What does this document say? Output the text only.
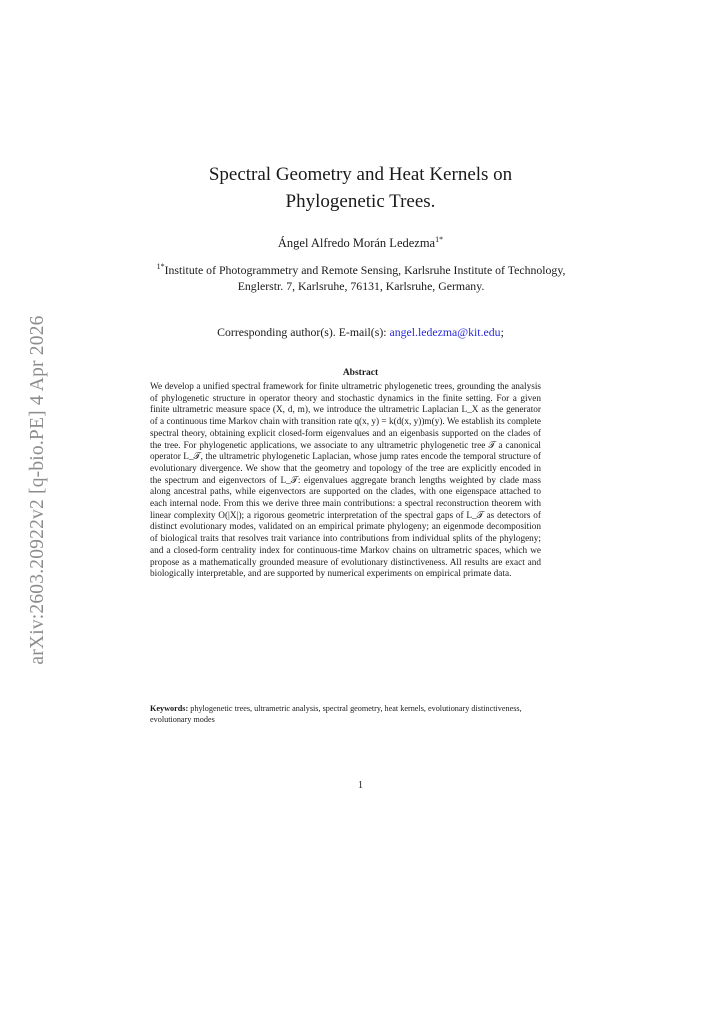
arXiv:2603.20922v2 [q-bio.PE] 4 Apr 2026
Spectral Geometry and Heat Kernels on
Phylogenetic Trees.
Ángel Alfredo Morán Ledezma$^{1*}$
$^{1*}$Institute of Photogrammetry and Remote Sensing, Karlsruhe Institute of Technology, Englerstr. 7, Karlsruhe, 76131, Karlsruhe, Germany.
Corresponding author(s). E-mail(s): angel.ledezma@kit.edu;
Abstract

We develop a unified spectral framework for finite ultrametric phylogenetic trees, grounding the analysis of phylogenetic structure in operator theory and stochastic dynamics in the finite setting. For a given finite ultrametric measure space (X, d, m), we introduce the ultrametric Laplacian L_X as the generator of a continuous time Markov chain with transition rate q(x, y) = k(d(x, y))m(y). We establish its complete spectral theory, obtaining explicit closed-form eigenvalues and an eigenbasis supported on the clades of the tree. For phylogenetic applications, we associate to any ultrametric phylogenetic tree 𝒯 a canonical operator L_𝒯, the ultrametric phylogenetic Laplacian, whose jump rates encode the temporal structure of evolutionary divergence. We show that the geometry and topology of the tree are explicitly encoded in the spectrum and eigenvectors of L_𝒯: eigenvalues aggregate branch lengths weighted by clade mass along ancestral paths, while eigenvectors are supported on the clades, with one eigenspace attached to each internal node. From this we derive three main contributions: a spectral reconstruction theorem with linear complexity O(|X|); a rigorous geometric interpretation of the spectral gaps of L_𝒯 as detectors of distinct evolutionary modes, validated on an empirical primate phylogeny; an eigenmode decomposition of biological traits that resolves trait variance into contributions from individual splits of the phylogeny; and a closed-form centrality index for continuous-time Markov chains on ultrametric spaces, which we propose as a mathematically grounded measure of evolutionary distinctiveness. All results are exact and biologically interpretable, and are supported by numerical experiments on empirical primate data.

Keywords: phylogenetic trees, ultrametric analysis, spectral geometry, heat kernels, evolutionary distinctiveness, evolutionary modes
1
